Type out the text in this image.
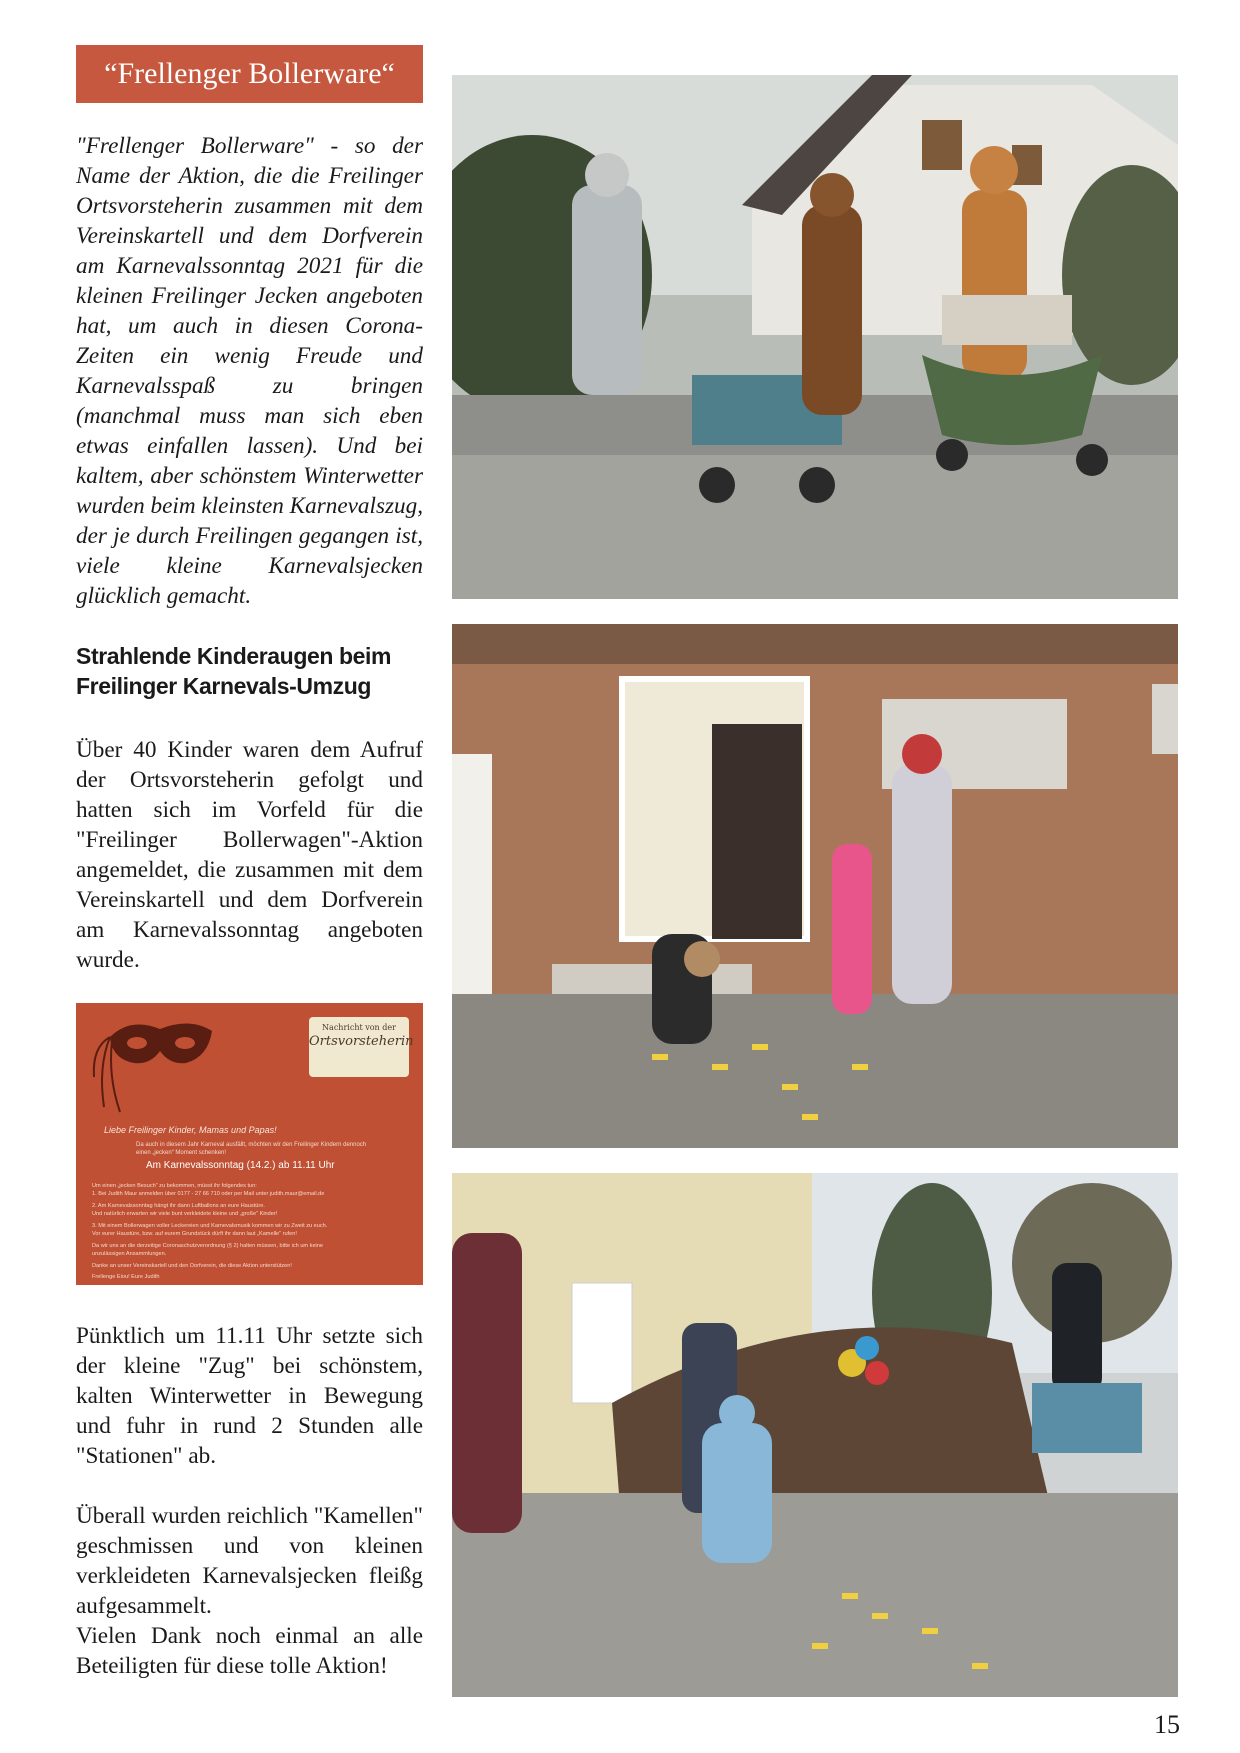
“Frellenger Bollerware“

"Frellenger Bollerware" - so der Name der Aktion, die die Freilinger Ortsvorsteherin zusammen mit dem Vereinskartell und dem Dorfverein am Karnevalssonntag 2021 für die kleinen Freilinger Jecken angeboten hat, um auch in diesen Corona-Zeiten ein wenig Freude und Karnevalsspaß zu bringen (manchmal muss man sich eben etwas einfallen lassen). Und bei kaltem, aber schönstem Winterwetter wurden beim kleinsten Karnevalszug, der je durch Freilingen gegangen ist, viele kleine Karnevalsjecken glücklich gemacht.

Strahlende Kinderaugen beim Freilinger Karnevals-Umzug

Über 40 Kinder waren dem Aufruf der Ortsvorsteherin gefolgt und hatten sich im Vorfeld für die "Freilinger Bollerwagen"-Aktion angemeldet, die zusammen mit dem Vereinskartell und dem Dorfverein am Karnevalssonntag angeboten wurde.

Nachricht von der
Ortsvorsteherin
Liebe Freilinger Kinder, Mamas und Papas!
Da auch in diesem Jahr Karneval ausfällt, möchten wir den Freilinger Kindern dennoch
einen „jecken“ Moment schenken!
Am Karnevalssonntag (14.2.) ab 11.11 Uhr
Um einen „jecken Besuch“ zu bekommen, müsst ihr folgendes tun:
1. Bei Judith Maur anmelden über 0177 - 27 66 710 oder per Mail unter judith.maur@email.de
2. Am Karnevalssonntag hängt ihr dann Luftballons an eure Haustüre.
Und natürlich erwarten wir viele bunt verkleidete kleine und „große“ Kinder!
3. Mit einem Bollerwagen voller Leckereien und Karnevalsmusik kommen wir zu Zweit zu euch.
Vor eurer Haustüre, bzw. auf eurem Grundstück dürft ihr dann laut „Kamelle“ rufen!
Da wir uns an die derzeitige Coronaschutzverordnung (§ 2) halten müssen, bitte ich um keine
unzulässigen Ansammlungen.
Danke an unser Vereinskartell und den Dorfverein, die diese Aktion unterstützen!
Frellenge Eiou! Eure Judith

Pünktlich um 11.11 Uhr setzte sich der kleine "Zug" bei schönstem, kalten Winterwetter in Bewegung und fuhr in rund 2 Stunden alle "Stationen" ab.

Überall wurden reichlich "Kamellen" geschmissen und von kleinen verkleideten Karnevalsjecken fleißg aufgesammelt.
Vielen Dank noch einmal an alle Beteiligten für diese tolle Aktion!

15
